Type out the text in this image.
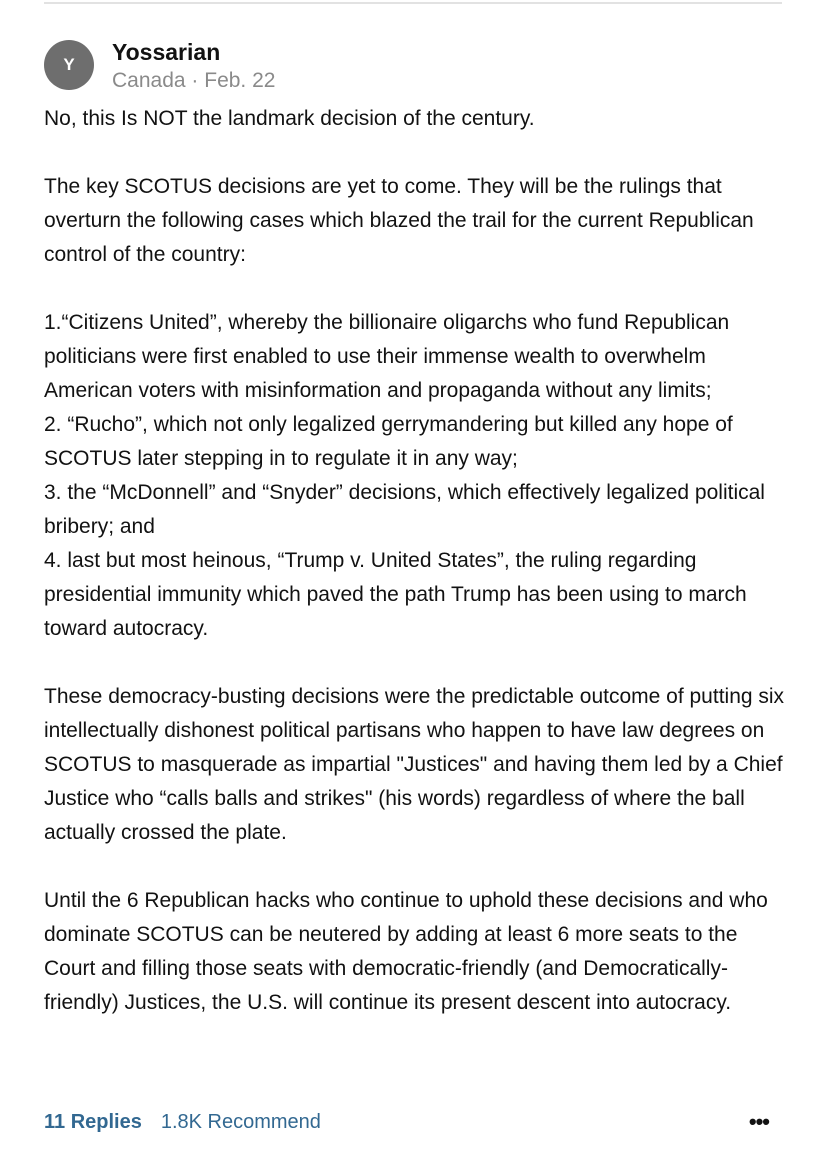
Y	Yossarian
Canada · Feb. 22

No, this Is NOT the landmark decision of the century.

The key SCOTUS decisions are yet to come. They will be the rulings that overturn the following cases which blazed the trail for the current Republican control of the country:

1.“Citizens United”, whereby the billionaire oligarchs who fund Republican politicians were first enabled to use their immense wealth to overwhelm American voters with misinformation and propaganda without any limits;

2. “Rucho”, which not only legalized gerrymandering but killed any hope of SCOTUS later stepping in to regulate it in any way;

3. the “McDonnell” and “Snyder” decisions, which effectively legalized political bribery; and

4. last but most heinous, “Trump v. United States”, the ruling regarding presidential immunity which paved the path Trump has been using to march toward autocracy.

These democracy-busting decisions were the predictable outcome of putting six intellectually dishonest political partisans who happen to have law degrees on SCOTUS to masquerade as impartial "Justices" and having them led by a Chief Justice who “calls balls and strikes" (his words) regardless of where the ball actually crossed the plate.

Until the 6 Republican hacks who continue to uphold these decisions and who dominate SCOTUS can be neutered by adding at least 6 more seats to the Court and filling those seats with democratic-friendly (and Democratically-friendly) Justices, the U.S. will continue its present descent into autocracy.

11 Replies 1.8K Recommend	•••
